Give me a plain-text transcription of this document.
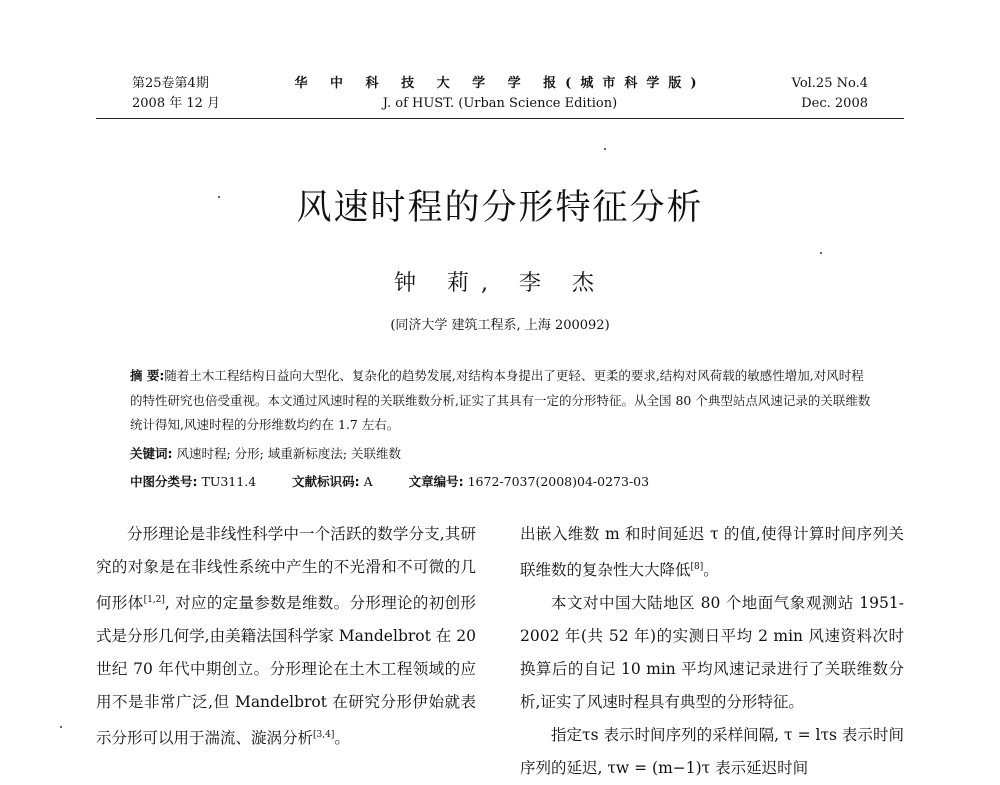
第25卷第4期
2008 年 12 月
华 中 科 技 大 学 学 报(城市科学版)
J. of HUST. (Urban Science Edition)
Vol.25 No.4
Dec. 2008
风速时程的分形特征分析
钟 莉, 李 杰
(同济大学 建筑工程系, 上海 200092)
摘 要:随着土木工程结构日益向大型化、复杂化的趋势发展,对结构本身提出了更轻、更柔的要求,结构对风荷载的敏感性增加,对风时程的特性研究也倍受重视。本文通过风速时程的关联维数分析,证实了其具有一定的分形特征。从全国 80 个典型站点风速记录的关联维数统计得知,风速时程的分形维数均约在 1.7 左右。
关键词: 风速时程; 分形; 域重新标度法; 关联维数
中图分类号: TU311.4	文献标识码: A	文章编号: 1672-7037(2008)04-0273-03

分形理论是非线性科学中一个活跃的数学分支,其研究的对象是在非线性系统中产生的不光滑和不可微的几何形体[1,2], 对应的定量参数是维数。分形理论的初创形式是分形几何学,由美籍法国科学家 Mandelbrot 在 20 世纪 70 年代中期创立。分形理论在土木工程领域的应用不是非常广泛,但 Mandelbrot 在研究分形伊始就表示分形可以用于湍流、漩涡分析[3,4]。

出嵌入维数 m 和时间延迟 τ 的值,使得计算时间序列关联维数的复杂性大大降低[8]。

本文对中国大陆地区 80 个地面气象观测站 1951-2002 年(共 52 年)的实测日平均 2 min 风速资料次时换算后的自记 10 min 平均风速记录进行了关联维数分析,证实了风速时程具有典型的分形特征。

指定τs 表示时间序列的采样间隔, τ = lτs 表示时间序列的延迟, τw = (m−1)τ 表示延迟时间
